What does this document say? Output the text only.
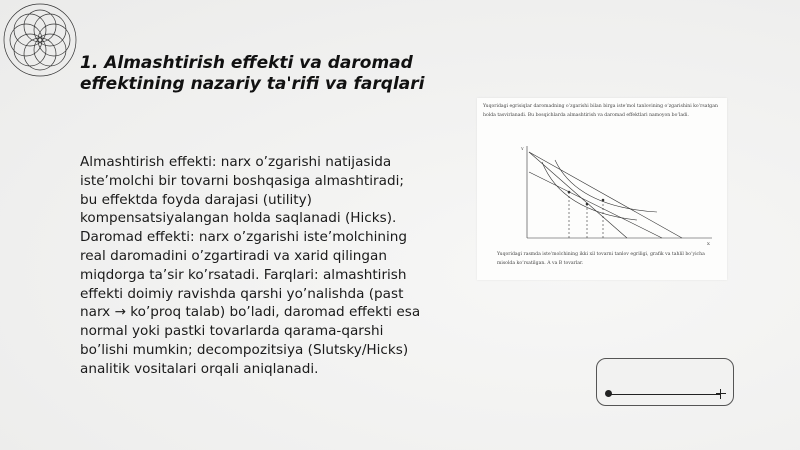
1. Almashtirish effekti va daromad effektining nazariy ta'rifi va farqlari
Almashtirish effekti: narx o’zgarishi natijasida iste’molchi bir tovarni boshqasiga almashtiradi; bu effektda foyda darajasi (utility) kompensatsiyalangan holda saqlanadi (Hicks). Daromad effekti: narx o’zgarishi iste’molchining real daromadini o’zgartiradi va xarid qilingan miqdorga ta’sir ko’rsatadi. Farqlari: almashtirish effekti doimiy ravishda qarshi yo’nalishda (past narx → ko’proq talab) bo’ladi, daromad effekti esa normal yoki pastki tovarlarda qarama-qarshi bo’lishi mumkin; decompozitsiya (Slutsky/Hicks) analitik vositalari orqali aniqlanadi.
Yuqoridagi egrisiqlar daromadning o‘zgarishi bilan birga iste’mol tanlovining o‘zgarishini ko‘rsatgan holda tasvirlanadi. Bu bosqichlarda almashtirish va daromad effektlari namoyon bo‘ladi.
Y
X
Yuqoridagi rasmda iste’molchining ikki xil tovarni tanlov egriligi, grafik va tahlil bo‘yicha misolda ko‘rsatilgan. A va B tovarlar.
